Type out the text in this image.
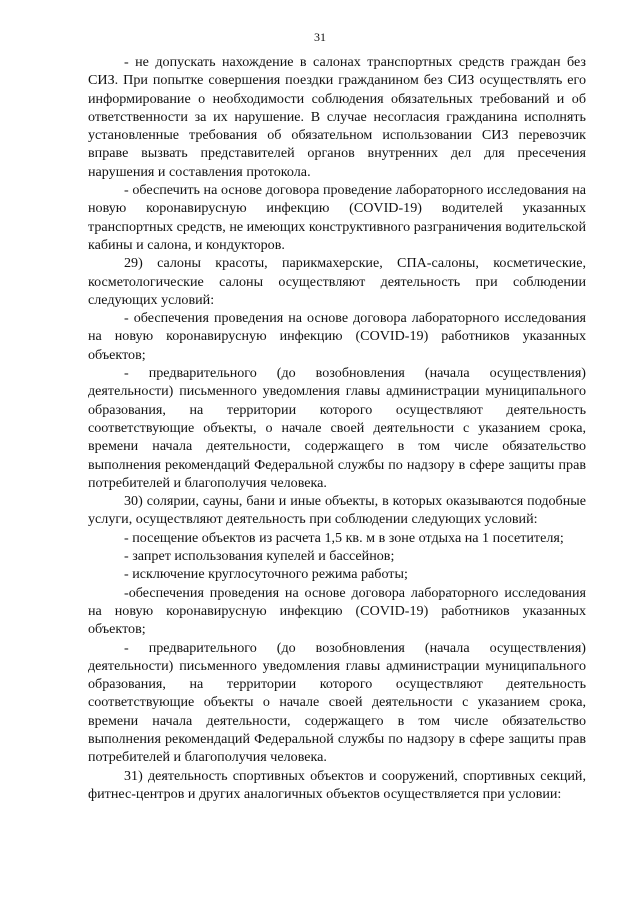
31

- не допускать нахождение в салонах транспортных средств граждан без СИЗ. При попытке совершения поездки гражданином без СИЗ осуществлять его информирование о необходимости соблюдения обязательных требований и об ответственности за их нарушение. В случае несогласия гражданина исполнять установленные требования об обязательном использовании СИЗ перевозчик вправе вызвать представителей органов внутренних дел для пресечения нарушения и составления протокола.

- обеспечить на основе договора проведение лабораторного исследования на новую коронавирусную инфекцию (COVID-19) водителей указанных транспортных средств, не имеющих конструктивного разграничения водительской кабины и салона, и кондукторов.

29) салоны красоты, парикмахерские, СПА-салоны, косметические, косметологические салоны осуществляют деятельность при соблюдении следующих условий:

- обеспечения проведения на основе договора лабораторного исследования на новую коронавирусную инфекцию (COVID-19) работников указанных объектов;

- предварительного (до возобновления (начала осуществления) деятельности) письменного уведомления главы администрации муниципального образования, на территории которого осуществляют деятельность соответствующие объекты, о начале своей деятельности с указанием срока, времени начала деятельности, содержащего в том числе обязательство выполнения рекомендаций Федеральной службы по надзору в сфере защиты прав потребителей и благополучия человека.

30) солярии, сауны, бани и иные объекты, в которых оказываются подобные услуги, осуществляют деятельность при соблюдении следующих условий:

- посещение объектов из расчета 1,5 кв. м в зоне отдыха на 1 посетителя;

- запрет использования купелей и бассейнов;

- исключение круглосуточного режима работы;

-обеспечения проведения на основе договора лабораторного исследования на новую коронавирусную инфекцию (COVID-19) работников указанных объектов;

- предварительного (до возобновления (начала осуществления) деятельности) письменного уведомления главы администрации муниципального образования, на территории которого осуществляют деятельность соответствующие объекты о начале своей деятельности с указанием срока, времени начала деятельности, содержащего в том числе обязательство выполнения рекомендаций Федеральной службы по надзору в сфере защиты прав потребителей и благополучия человека.

31) деятельность спортивных объектов и сооружений, спортивных секций, фитнес-центров и других аналогичных объектов осуществляется при условии:
